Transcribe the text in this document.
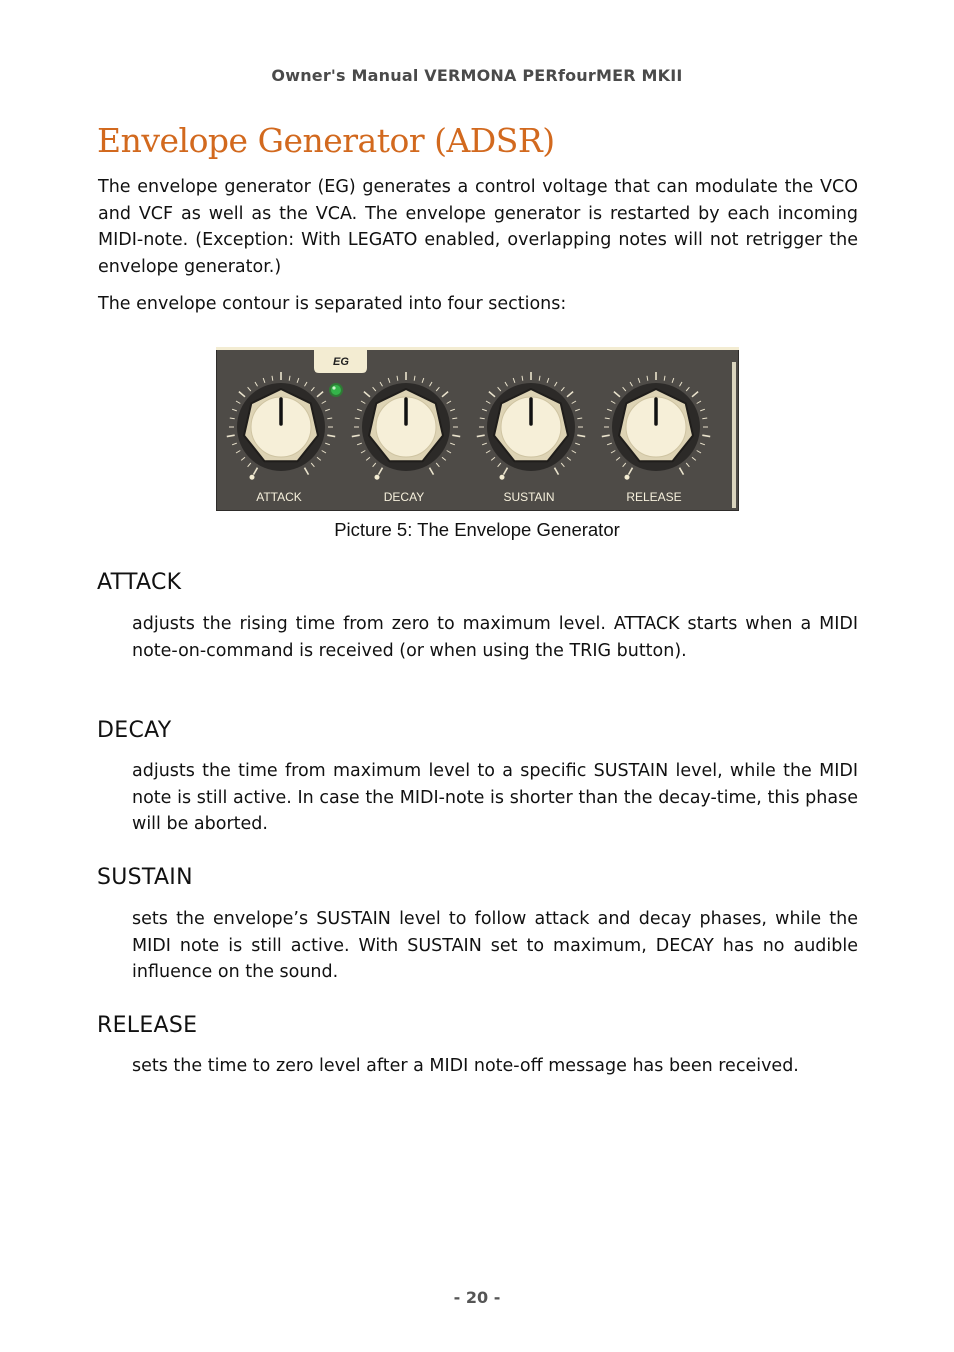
Owner's Manual VERMONA PERfourMER MKII
Envelope Generator (ADSR)

The envelope generator (EG) generates a control voltage that can modulate the VCO and VCF as well as the VCA. The envelope generator is restarted by each incoming MIDI-note. (Exception: With LEGATO enabled, overlapping notes will not retrigger the envelope generator.)

The envelope contour is separated into four sections:

EG
ATTACK	DECAY	SUSTAIN	RELEASE
Picture 5: The Envelope Generator
ATTACK

adjusts the rising time from zero to maximum level. ATTACK starts when a MIDI note-on-command is received (or when using the TRIG button).

DECAY

adjusts the time from maximum level to a specific SUSTAIN level, while the MIDI note is still active. In case the MIDI-note is shorter than the decay-time, this phase will be aborted.

SUSTAIN

sets the envelope’s SUSTAIN level to follow attack and decay phases, while the MIDI note is still active. With SUSTAIN set to maximum, DECAY has no audible influence on the sound.

RELEASE

sets the time to zero level after a MIDI note-off message has been received.

- 20 -
